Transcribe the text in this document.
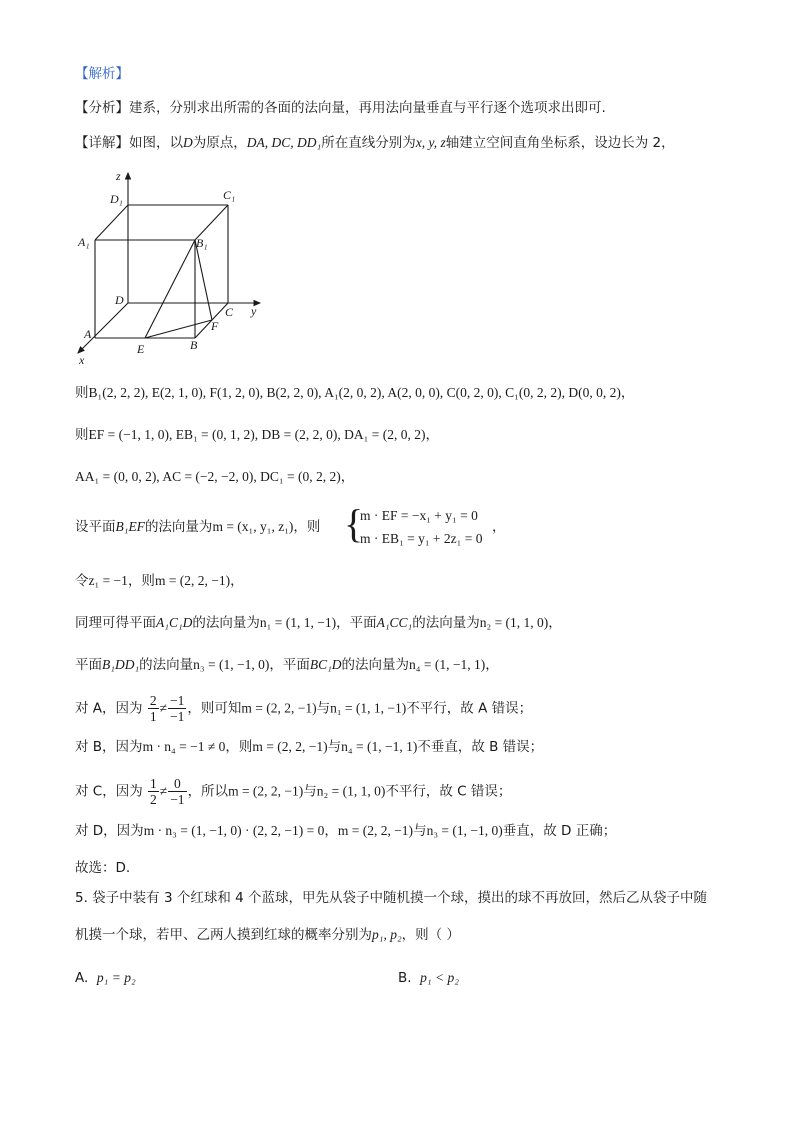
【解析】
【分析】建系，分别求出所需的各面的法向量，再用法向量垂直与平行逐个选项求出即可.
【详解】如图，以D为原点，DA, DC, DD₁所在直线分别为x, y, z轴建立空间直角坐标系，设边长为 2，
z
D₁	C₁
A₁	B₁
D
C y
F
A
E	B
x
则B₁(2, 2, 2), E(2, 1, 0), F(1, 2, 0), B(2, 2, 0), A₁(2, 0, 2), A(2, 0, 0), C(0, 2, 0), C₁(0, 2, 2), D(0, 0, 2)，
则EF = (−1, 1, 0), EB₁ = (0, 1, 2), DB = (2, 2, 0), DA₁ = (2, 0, 2)，
AA₁ = (0, 0, 2), AC = (−2, −2, 0), DC₁ = (0, 2, 2)，
设平面B₁EF的法向量为m = (x₁, y₁, z₁)，则 {
m · EF = −x₁ + y₁ = 0
m · EB₁ = y₁ + 2z₁ = 0
，
令z₁ = −1，则m = (2, 2, −1)，
同理可得平面A₁C₁D的法向量为n₁ = (1, 1, −1)，平面A₁CC₁的法向量为n₂ = (1, 1, 0)，
平面B₁DD₁的法向量n₃ = (1, −1, 0)，平面BC₁D的法向量为n₄ = (1, −1, 1)，
对 A，因为 $\frac{2}{1} \ne \frac{-1}{-1}$ ，则可知m = (2, 2, −1)与n₁ = (1, 1, −1)不平行，故 A 错误；
对 B，因为m · n₄ = −1 ≠ 0，则m = (2, 2, −1)与n₄ = (1, −1, 1)不垂直，故 B 错误；
对 C，因为 $\frac{1}{2} \ne \frac{0}{-1}$ ，所以m = (2, 2, −1)与n₂ = (1, 1, 0)不平行，故 C 错误；
对 D，因为m · n₃ = (1, −1, 0) · (2, 2, −1) = 0，m = (2, 2, −1)与n₃ = (1, −1, 0)垂直，故 D 正确；
故选：D.
5. 袋子中装有 3 个红球和 4 个蓝球，甲先从袋子中随机摸一个球，摸出的球不再放回，然后乙从袋子中随
机摸一个球，若甲、乙两人摸到红球的概率分别为p₁, p₂，则（ ）
A. p₁ = p₂	B. p₁ < p₂
